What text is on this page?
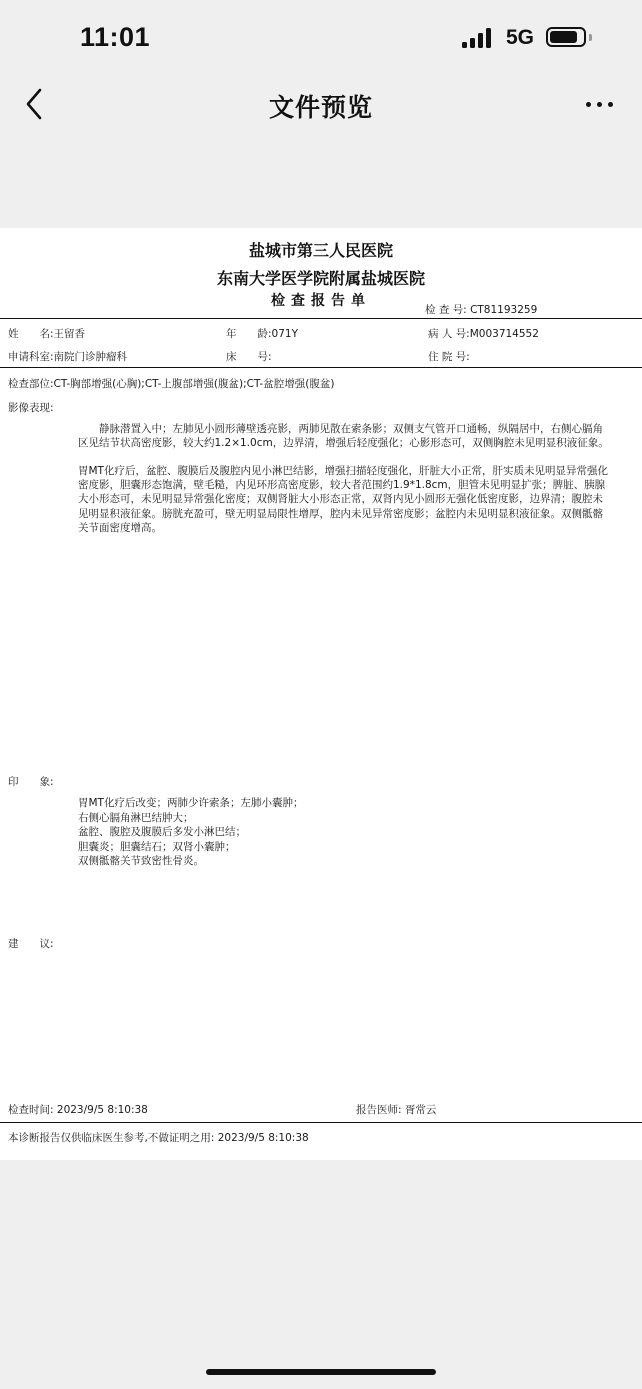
11:01	5G
文件预览
盐城市第三人民医院
东南大学医学院附属盐城医院
检查报告单
检 查 号: CT81193259
姓　　名:王留香	年　　龄:071Y	病 人 号:M003714552
申请科室:南院门诊肿瘤科	床　　号:	住 院 号:
检查部位:CT-胸部增强(心胸);CT-上腹部增强(腹盆);CT-盆腔增强(腹盆)
影像表现:
　　静脉潜置入中；左肺见小圆形薄壁透亮影，两肺见散在索条影；双侧支气管开口通畅，纵隔居中，右侧心膈角区见结节状高密度影，较大约1.2×1.0cm，边界清，增强后轻度强化；心影形态可，双侧胸腔未见明显积液征象。
胃MT化疗后，盆腔、腹膜后及腹腔内见小淋巴结影，增强扫描轻度强化，肝脏大小正常，肝实质未见明显异常强化密度影，胆囊形态饱满，壁毛糙，内见环形高密度影，较大者范围约1.9*1.8cm，胆管未见明显扩张；脾脏、胰腺大小形态可，未见明显异常强化密度；双侧肾脏大小形态正常，双肾内见小圆形无强化低密度影，边界清；腹腔未见明显积液征象。膀胱充盈可，壁无明显局限性增厚，腔内未见异常密度影；盆腔内未见明显积液征象。双侧骶髂关节面密度增高。
印　　象:
胃MT化疗后改变；两肺少许索条；左肺小囊肿；
右侧心膈角淋巴结肿大；
盆腔、腹腔及腹膜后多发小淋巴结；
胆囊炎；胆囊结石；双肾小囊肿；
双侧骶髂关节致密性骨炎。
建　　议:
检查时间: 2023/9/5 8:10:38	报告医师: 胥常云
本诊断报告仅供临床医生参考,不做证明之用: 2023/9/5 8:10:38
